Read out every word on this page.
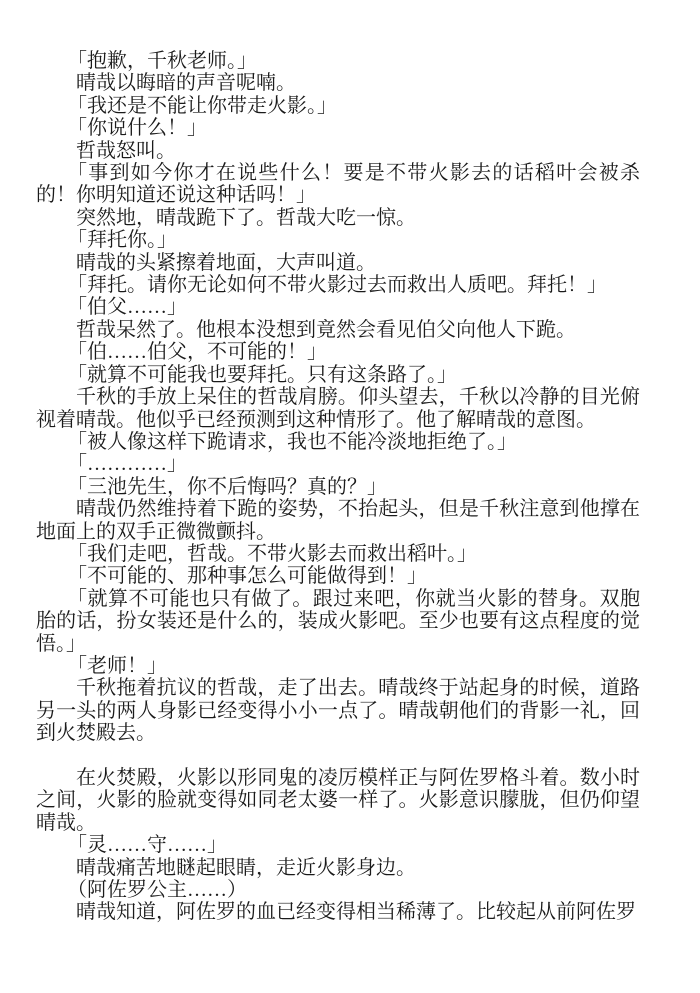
「抱歉，千秋老师。」

晴哉以晦暗的声音呢喃。

「我还是不能让你带走火影。」

「你说什么！」

哲哉怒叫。

「事到如今你才在说些什么！要是不带火影去的话稻叶会被杀的！你明知道还说这种话吗！」

突然地，晴哉跪下了。哲哉大吃一惊。

「拜托你。」

晴哉的头紧擦着地面，大声叫道。

「拜托。请你无论如何不带火影过去而救出人质吧。拜托！」

「伯父……」

哲哉呆然了。他根本没想到竟然会看见伯父向他人下跪。

「伯……伯父，不可能的！」

「就算不可能我也要拜托。只有这条路了。」

千秋的手放上呆住的哲哉肩膀。仰头望去，千秋以冷静的目光俯视着晴哉。他似乎已经预测到这种情形了。他了解晴哉的意图。

「被人像这样下跪请求，我也不能冷淡地拒绝了。」

「…………」

「三池先生，你不后悔吗？真的？」

晴哉仍然维持着下跪的姿势，不抬起头，但是千秋注意到他撑在地面上的双手正微微颤抖。

「我们走吧，哲哉。不带火影去而救出稻叶。」

「不可能的、那种事怎么可能做得到！」

「就算不可能也只有做了。跟过来吧，你就当火影的替身。双胞胎的话，扮女装还是什么的，装成火影吧。至少也要有这点程度的觉悟。」

「老师！」

千秋拖着抗议的哲哉，走了出去。晴哉终于站起身的时候，道路另一头的两人身影已经变得小小一点了。晴哉朝他们的背影一礼，回到火焚殿去。

在火焚殿，火影以形同鬼的凌厉模样正与阿佐罗格斗着。数小时之间，火影的脸就变得如同老太婆一样了。火影意识朦胧，但仍仰望晴哉。

「灵……守……」

晴哉痛苦地瞇起眼睛，走近火影身边。

（阿佐罗公主……）

晴哉知道，阿佐罗的血已经变得相当稀薄了。比较起从前阿佐罗
